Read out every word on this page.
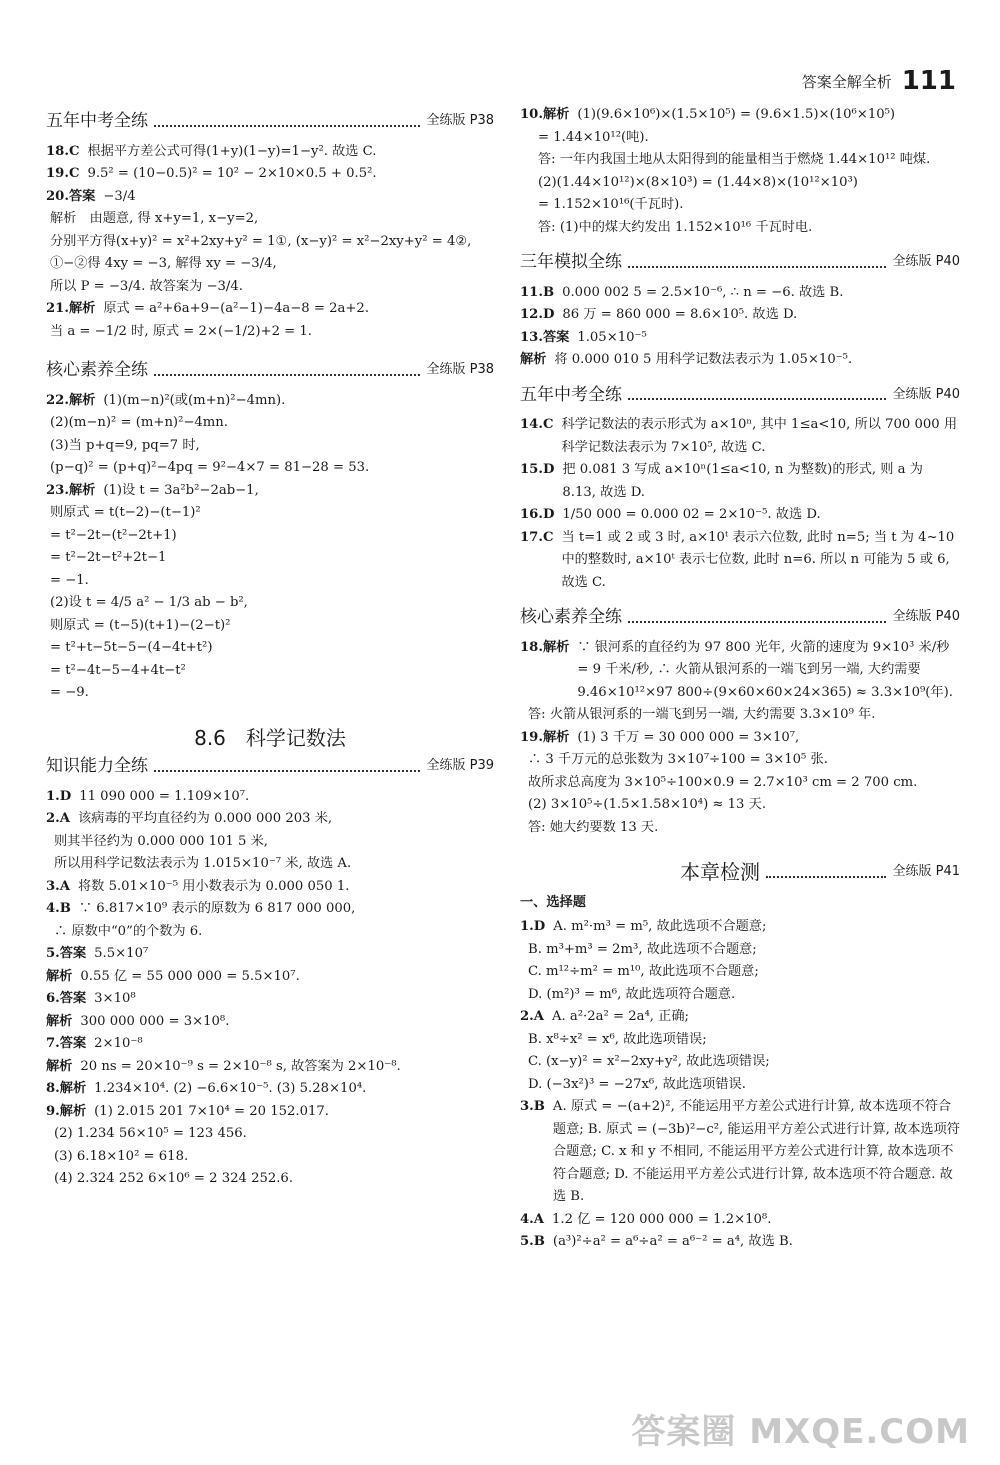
答案全解全析 111
五年中考全练	全练版 P38
18.C 根据平方差公式可得(1+y)(1−y)=1−y². 故选 C.
19.C 9.5² = (10−0.5)² = 10² − 2×10×0.5 + 0.5².
20.答案 −3/4
解析　由题意, 得 x+y=1, x−y=2,
分别平方得(x+y)² = x²+2xy+y² = 1①, (x−y)² = x²−2xy+y² = 4②,
①−②得 4xy = −3, 解得 xy = −3/4,
所以 P = −3/4. 故答案为 −3/4.
21.解析 原式 = a²+6a+9−(a²−1)−4a−8 = 2a+2.
当 a = −1/2 时, 原式 = 2×(−1/2)+2 = 1.
核心素养全练	全练版 P38
22.解析 (1)(m−n)²(或(m+n)²−4mn).
(2)(m−n)² = (m+n)²−4mn.
(3)当 p+q=9, pq=7 时,
(p−q)² = (p+q)²−4pq = 9²−4×7 = 81−28 = 53.
23.解析 (1)设 t = 3a²b²−2ab−1,
则原式 = t(t−2)−(t−1)²
= t²−2t−(t²−2t+1)
= t²−2t−t²+2t−1
= −1.
(2)设 t = 4/5 a² − 1/3 ab − b²,
则原式 = (t−5)(t+1)−(2−t)²
= t²+t−5t−5−(4−4t+t²)
= t²−4t−5−4+4t−t²
= −9.
8.6　科学记数法
知识能力全练	全练版 P39
1.D 11 090 000 = 1.109×10⁷.
2.A 该病毒的平均直径约为 0.000 000 203 米,
则其半径约为 0.000 000 101 5 米,
所以用科学记数法表示为 1.015×10⁻⁷ 米, 故选 A.
3.A 将数 5.01×10⁻⁵ 用小数表示为 0.000 050 1.
4.B ∵ 6.817×10⁹ 表示的原数为 6 817 000 000,
∴ 原数中“0”的个数为 6.
5.答案 5.5×10⁷
解析 0.55 亿 = 55 000 000 = 5.5×10⁷.
6.答案 3×10⁸
解析 300 000 000 = 3×10⁸.
7.答案 2×10⁻⁸
解析 20 ns = 20×10⁻⁹ s = 2×10⁻⁸ s, 故答案为 2×10⁻⁸.
8.解析 1.234×10⁴. (2) −6.6×10⁻⁵. (3) 5.28×10⁴.
9.解析 (1) 2.015 201 7×10⁴ = 20 152.017.
(2) 1.234 56×10⁵ = 123 456.
(3) 6.18×10² = 618.
(4) 2.324 252 6×10⁶ = 2 324 252.6.
10.解析 (1)(9.6×10⁶)×(1.5×10⁵) = (9.6×1.5)×(10⁶×10⁵)
= 1.44×10¹²(吨).
答: 一年内我国土地从太阳得到的能量相当于燃烧 1.44×10¹² 吨煤.
(2)(1.44×10¹²)×(8×10³) = (1.44×8)×(10¹²×10³)
= 1.152×10¹⁶(千瓦时).
答: (1)中的煤大约发出 1.152×10¹⁶ 千瓦时电.
三年模拟全练	全练版 P40
11.B 0.000 002 5 = 2.5×10⁻⁶, ∴ n = −6. 故选 B.
12.D 86 万 = 860 000 = 8.6×10⁵. 故选 D.
13.答案 1.05×10⁻⁵
解析 将 0.000 010 5 用科学记数法表示为 1.05×10⁻⁵.
五年中考全练	全练版 P40
14.C 科学记数法的表示形式为 a×10ⁿ, 其中 1≤a<10, 所以 700 000 用科学记数法表示为 7×10⁵, 故选 C.
15.D 把 0.081 3 写成 a×10ⁿ(1≤a<10, n 为整数)的形式, 则 a 为 8.13, 故选 D.
16.D 1/50 000 = 0.000 02 = 2×10⁻⁵. 故选 D.
17.C 当 t=1 或 2 或 3 时, a×10ᵗ 表示六位数, 此时 n=5; 当 t 为 4~10 中的整数时, a×10ᵗ 表示七位数, 此时 n=6. 所以 n 可能为 5 或 6, 故选 C.
核心素养全练	全练版 P40
18.解析 ∵ 银河系的直径约为 97 800 光年, 火箭的速度为 9×10³ 米/秒 = 9 千米/秒, ∴ 火箭从银河系的一端飞到另一端, 大约需要 9.46×10¹²×97 800÷(9×60×60×24×365) ≈ 3.3×10⁹(年).
答: 火箭从银河系的一端飞到另一端, 大约需要 3.3×10⁹ 年.
19.解析 (1) 3 千万 = 30 000 000 = 3×10⁷,
∴ 3 千万元的总张数为 3×10⁷÷100 = 3×10⁵ 张.
故所求总高度为 3×10⁵÷100×0.9 = 2.7×10³ cm = 2 700 cm.
(2) 3×10⁵÷(1.5×1.58×10⁴) ≈ 13 天.
答: 她大约要数 13 天.
本章检测	全练版 P41
一、选择题
1.D A. m²·m³ = m⁵, 故此选项不合题意;
B. m³+m³ = 2m³, 故此选项不合题意;
C. m¹²÷m² = m¹⁰, 故此选项不合题意;
D. (m²)³ = m⁶, 故此选项符合题意.
2.A A. a²·2a² = 2a⁴, 正确;
B. x⁸÷x² = x⁶, 故此选项错误;
C. (x−y)² = x²−2xy+y², 故此选项错误;
D. (−3x²)³ = −27x⁶, 故此选项错误.
3.B A. 原式 = −(a+2)², 不能运用平方差公式进行计算, 故本选项不符合题意; B. 原式 = (−3b)²−c², 能运用平方差公式进行计算, 故本选项符合题意; C. x 和 y 不相同, 不能运用平方差公式进行计算, 故本选项不符合题意; D. 不能运用平方差公式进行计算, 故本选项不符合题意. 故选 B.
4.A 1.2 亿 = 120 000 000 = 1.2×10⁸.
5.B (a³)²÷a² = a⁶÷a² = a⁶⁻² = a⁴, 故选 B.
答案圈 MXQE.COM
